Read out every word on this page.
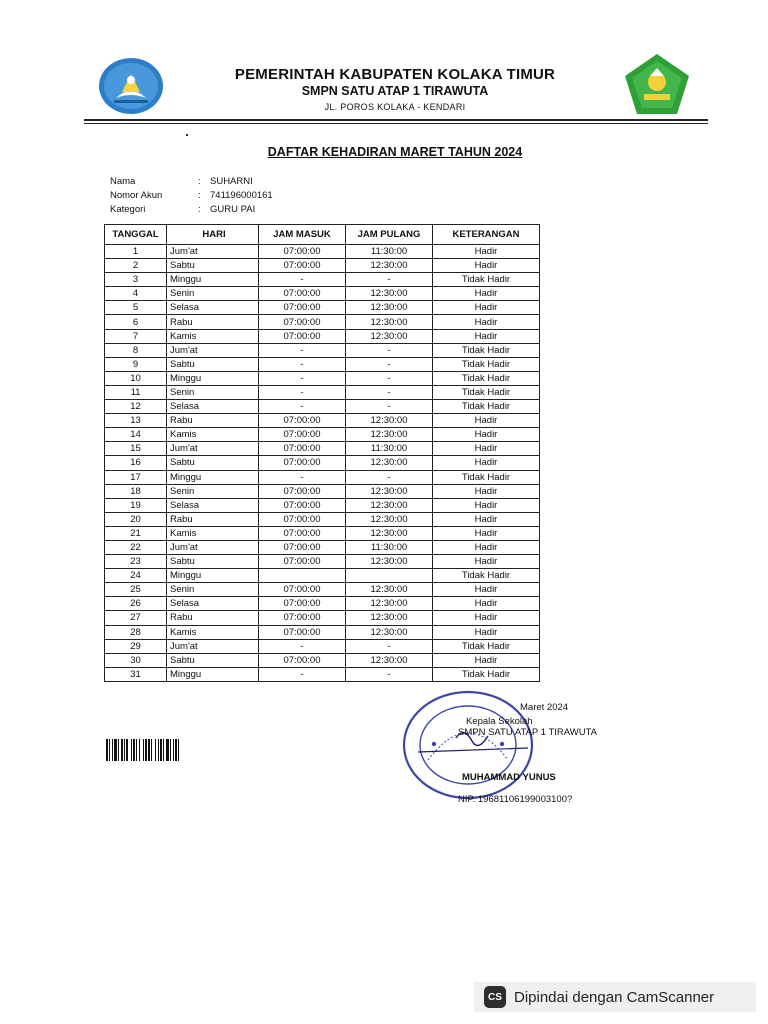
PEMERINTAH KABUPATEN KOLAKA TIMUR
SMPN SATU ATAP 1 TIRAWUTA
JL. POROS KOLAKA - KENDARI
DAFTAR KEHADIRAN MARET TAHUN 2024
Nama	: SUHARNI
Nomor Akun	: 741196000161
Kategori	: GURU PAI
TANGGAL	HARI	JAM MASUK	JAM PULANG	KETERANGAN
1	Jum'at	07:00:00	11:30:00	Hadir
2	Sabtu	07:00:00	12:30:00	Hadir
3	Minggu	-	-	Tidak Hadir
4	Senin	07:00:00	12:30:00	Hadir
5	Selasa	07:00:00	12:30:00	Hadir
6	Rabu	07:00:00	12:30:00	Hadir
7	Kamis	07:00:00	12:30:00	Hadir
8	Jum'at	-	-	Tidak Hadir
9	Sabtu	-	-	Tidak Hadir
10	Minggu	-	-	Tidak Hadir
11	Senin	-	-	Tidak Hadir
12	Selasa	-	-	Tidak Hadir
13	Rabu	07:00:00	12:30:00	Hadir
14	Kamis	07:00:00	12:30:00	Hadir
15	Jum'at	07:00:00	11:30:00	Hadir
16	Sabtu	07:00:00	12:30:00	Hadir
17	Minggu	-	-	Tidak Hadir
18	Senin	07:00:00	12:30:00	Hadir
19	Selasa	07:00:00	12:30:00	Hadir
20	Rabu	07:00:00	12:30:00	Hadir
21	Kamis	07:00:00	12:30:00	Hadir
22	Jum'at	07:00:00	11:30:00	Hadir
23	Sabtu	07:00:00	12:30:00	Hadir
24	Minggu			Tidak Hadir
25	Senin	07:00:00	12:30:00	Hadir
26	Selasa	07:00:00	12:30:00	Hadir
27	Rabu	07:00:00	12:30:00	Hadir
28	Kamis	07:00:00	12:30:00	Hadir
29	Jum'at	-	-	Tidak Hadir
30	Sabtu	07:00:00	12:30:00	Hadir
31	Minggu	-	-	Tidak Hadir
Maret 2024
Kepala Sekolah
SMPN SATU ATAP 1 TIRAWUTA
MUHAMMAD YUNUS
NIP. 19681106199003100?
CS Dipindai dengan CamScanner
